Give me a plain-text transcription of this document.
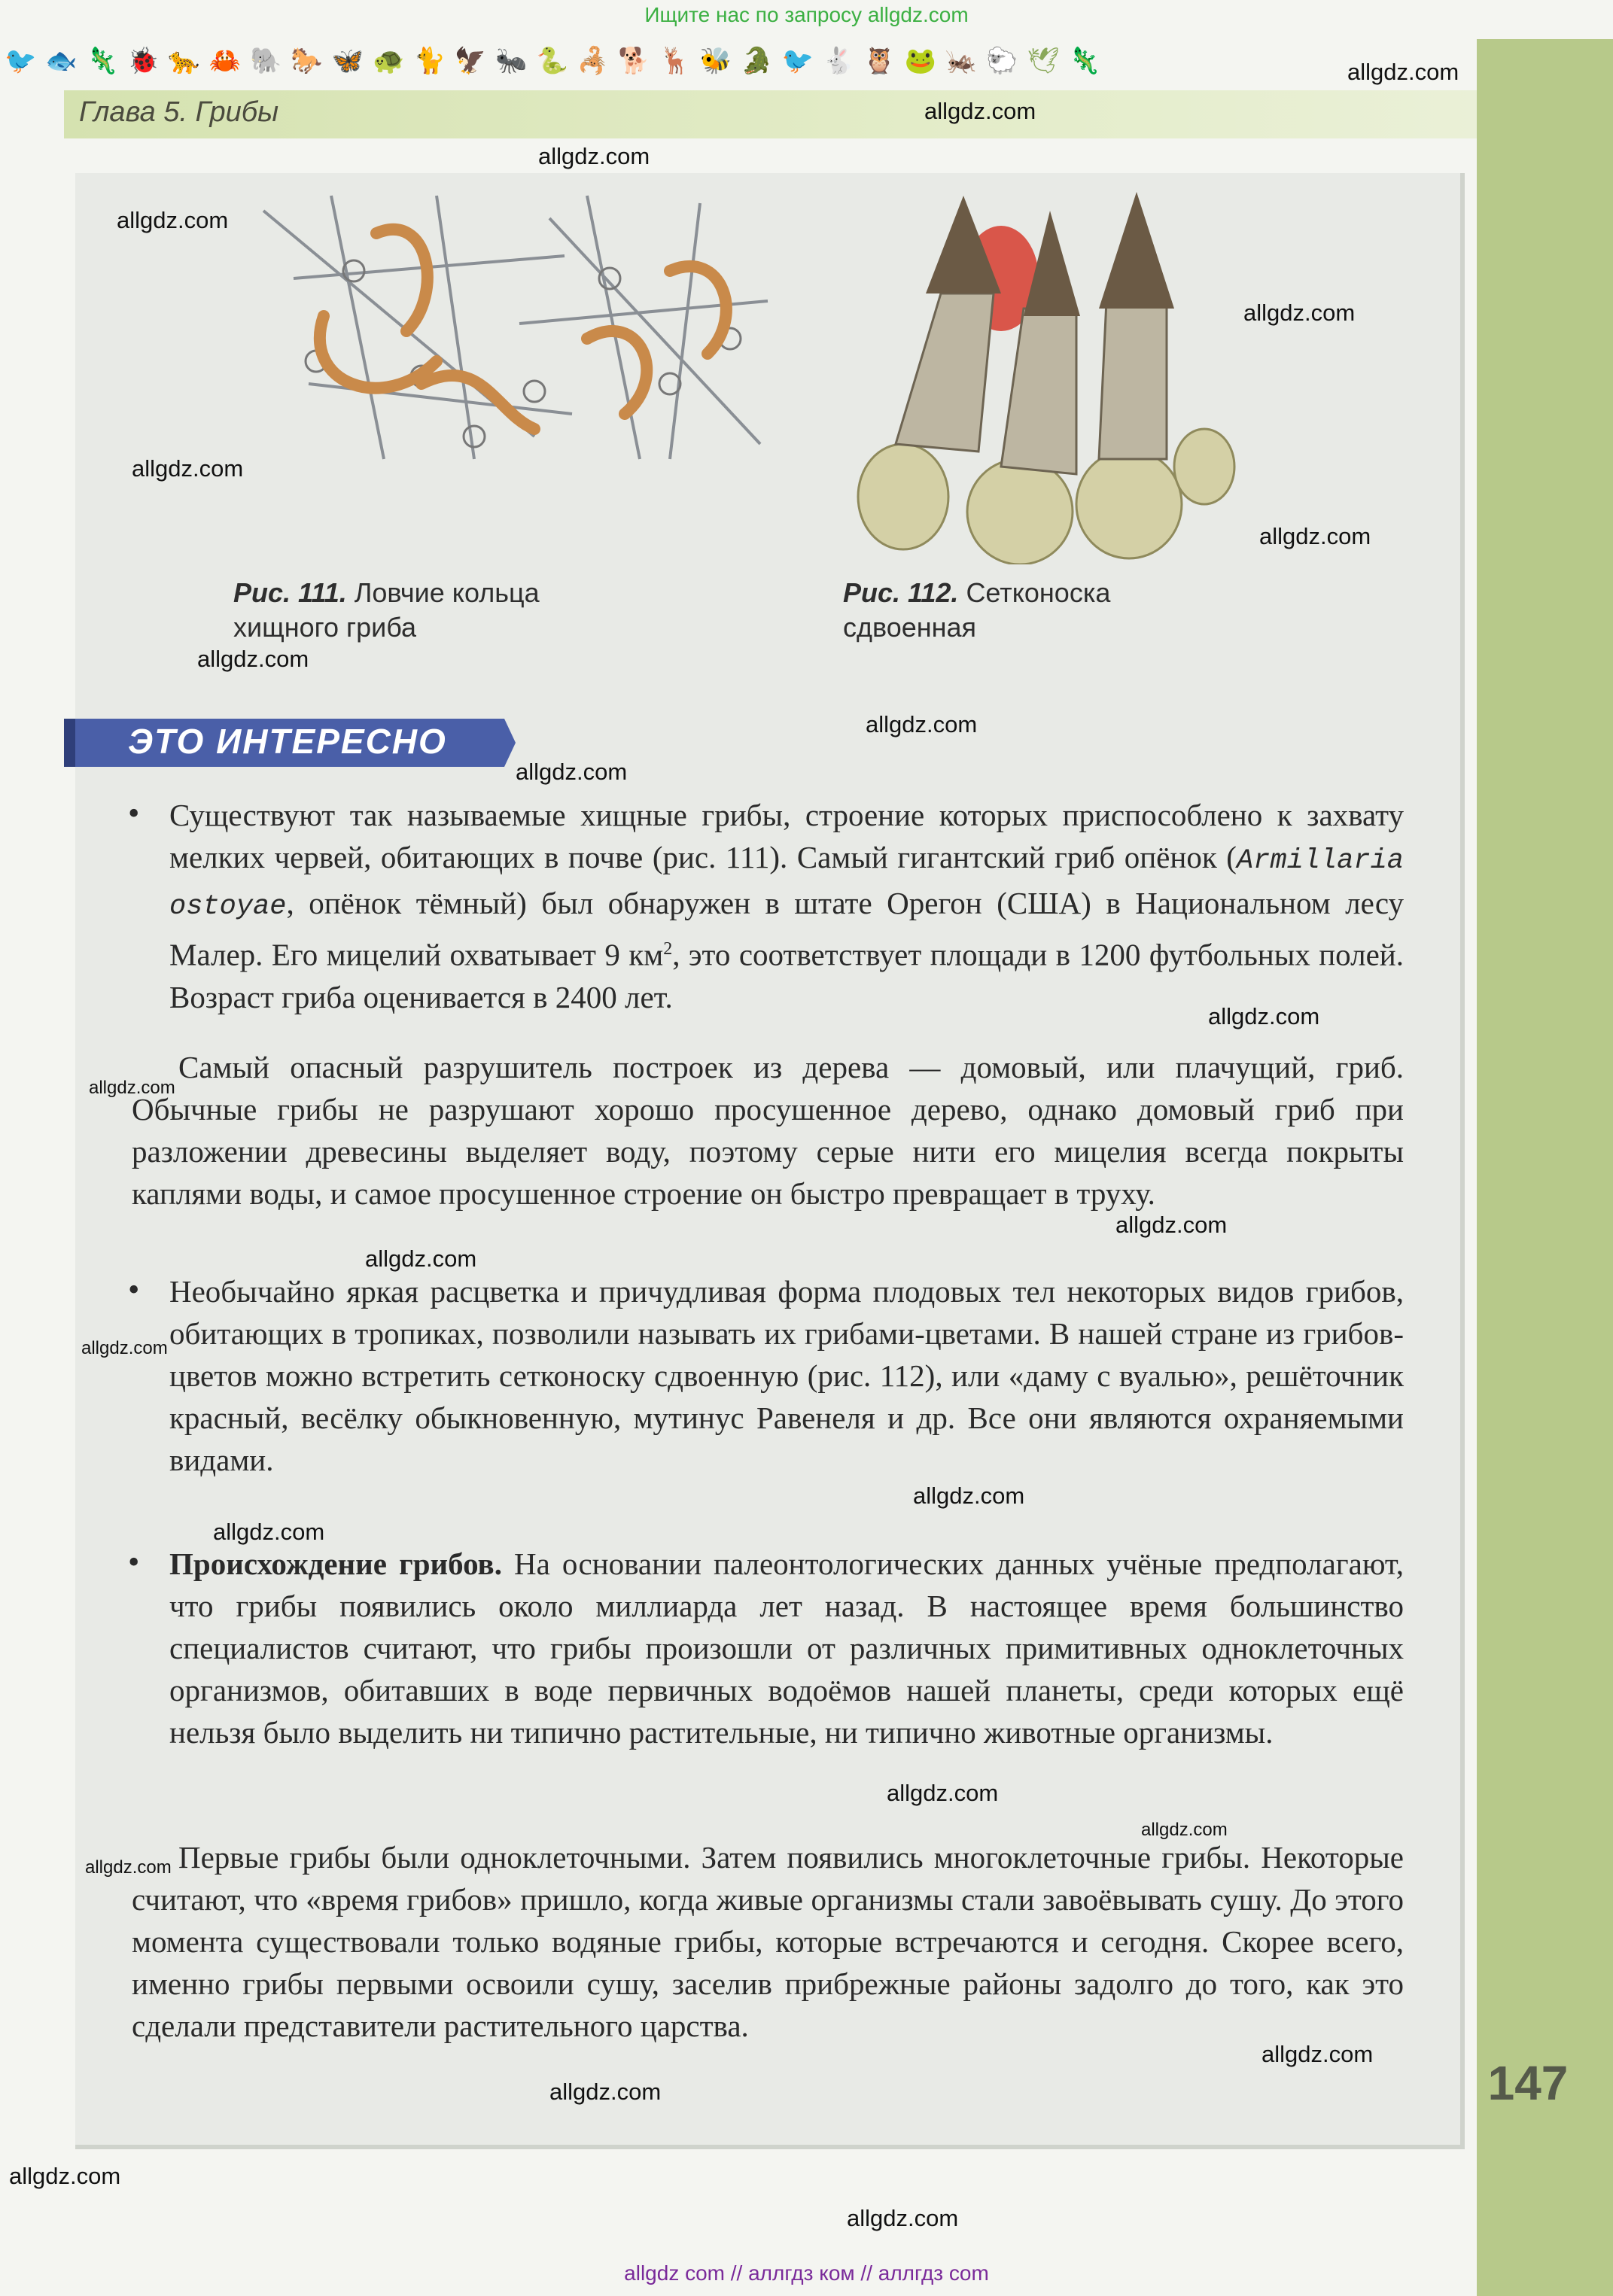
Ищите нас по запросу allgdz.com
🐦 🐟 🦎 🐞 🐆 🦀 🐘 🐎 🦋 🐢 🐈 🦅 🐜 🐍 🦂 🐕 🦌 🐝 🐊 🐦 🐇 🦉 🐸 🦗 🐑 🕊 🦎
Глава 5. Грибы
147
Рис. 111. Ловчие кольца
хищного гриба
Рис. 112. Сетконоска
сдвоенная
ЭТО ИНТЕРЕСНО
• Существуют так называемые хищные грибы, строение которых приспособлено к захвату мелких червей, обитающих в почве (рис. 111). Самый гигантский гриб опёнок (Armillaria ostoyae, опёнок тёмный) был обнаружен в штате Орегон (США) в Национальном лесу Малер. Его мицелий охватывает 9 $км^2$, это соответствует площади в 1200 футбольных полей. Возраст гриба оценивается в 2400 лет.
Самый опасный разрушитель построек из дерева — домовый, или плачущий, гриб. Обычные грибы не разрушают хорошо просушенное дерево, однако домовый гриб при разложении древесины выделяет воду, поэтому серые нити его мицелия всегда покрыты каплями воды, и самое просушенное строение он быстро превращает в труху.
• Необычайно яркая расцветка и причудливая форма плодовых тел некоторых видов грибов, обитающих в тропиках, позволили называть их грибами-цветами. В нашей стране из грибов-цветов можно встретить сетконоску сдвоенную (рис. 112), или «даму с вуалью», решёточник красный, весёлку обыкновенную, мутинус Равенеля и др. Все они являются охраняемыми видами.
• Происхождение грибов. На основании палеонтологических данных учёные предполагают, что грибы появились около миллиарда лет назад. В настоящее время большинство специалистов считают, что грибы произошли от различных примитивных одноклеточных организмов, обитавших в воде первичных водоёмов нашей планеты, среди которых ещё нельзя было выделить ни типично растительные, ни типично животные организмы.
Первые грибы были одноклеточными. Затем появились многоклеточные грибы. Некоторые считают, что «время грибов» пришло, когда живые организмы стали завоёвывать сушу. До этого момента существовали только водяные грибы, которые встречаются и сегодня. Скорее всего, именно грибы первыми освоили сушу, заселив прибрежные районы задолго до того, как это сделали представители растительного царства.
allgdz.com
allgdz.com
allgdz.com
allgdz.com
allgdz.com
allgdz.com
allgdz.com
allgdz.com
allgdz.com
allgdz.com
allgdz.com
allgdz.com
allgdz.com
allgdz.com
allgdz.com
allgdz.com
allgdz.com
allgdz.com
allgdz.com
allgdz.com
allgdz.com
allgdz.com
allgdz.com
allgdz.com
allgdz com // аллгдз ком // аллгдз com
